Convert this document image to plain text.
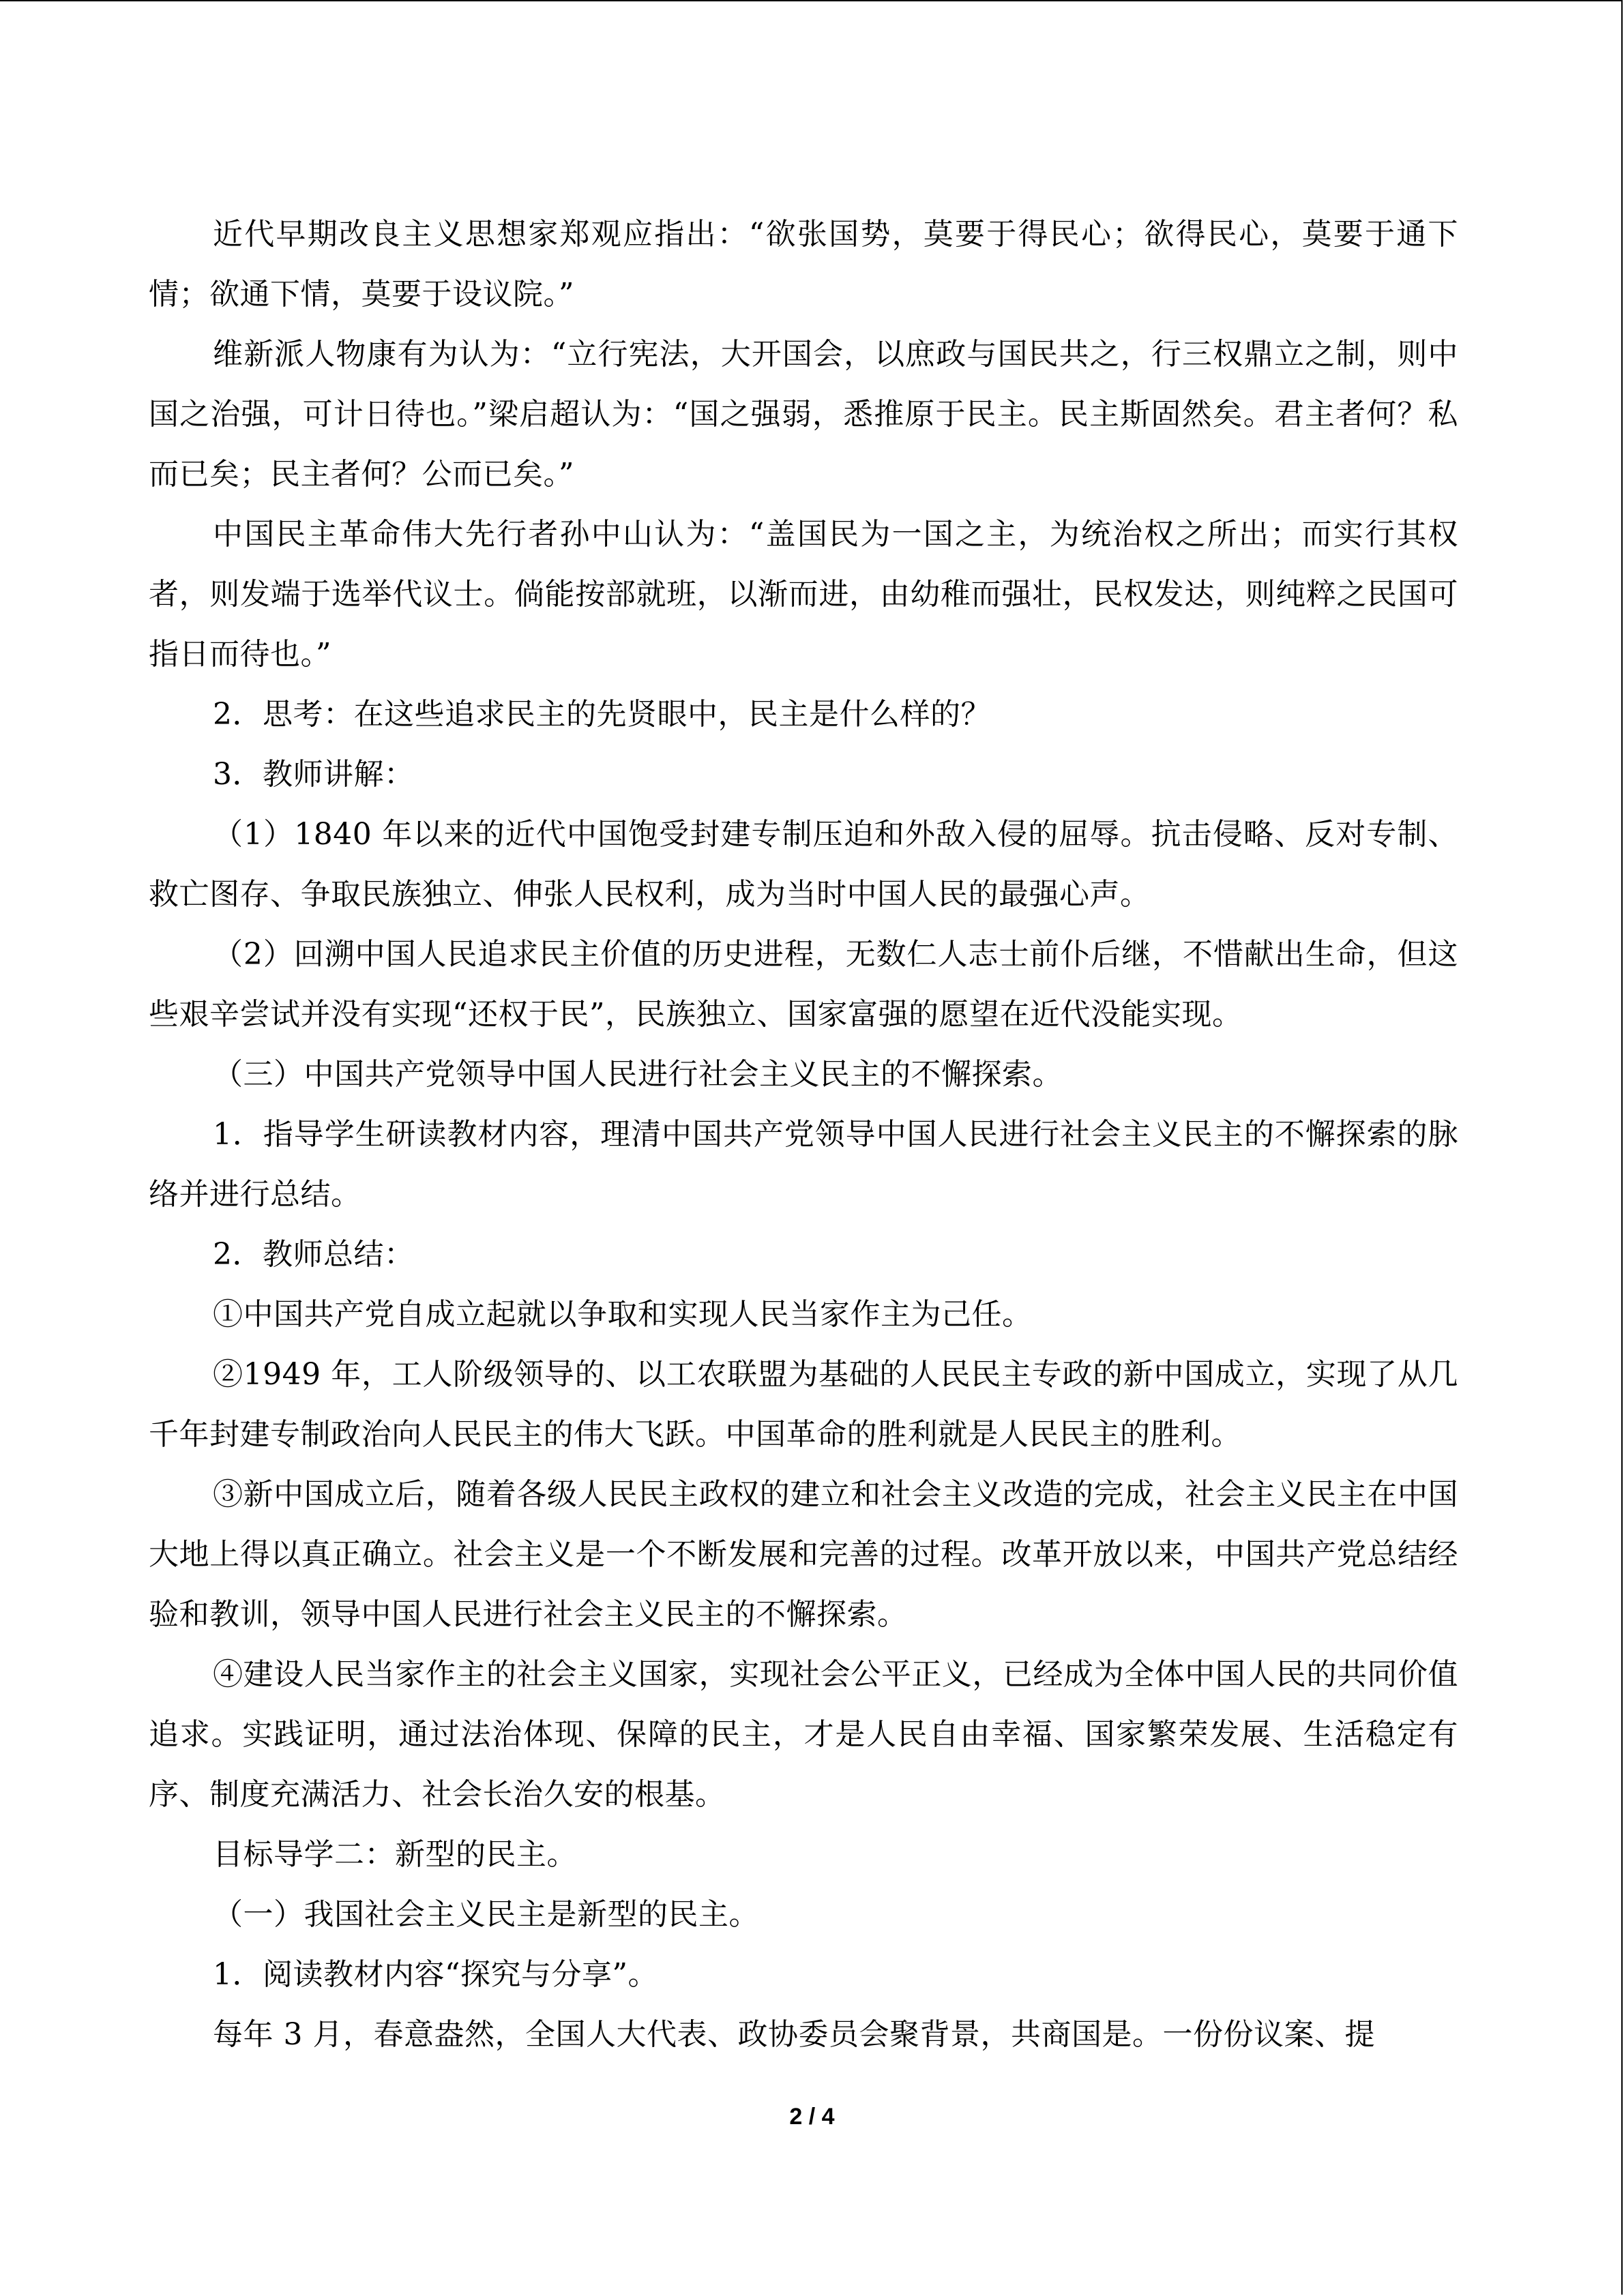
近代早期改良主义思想家郑观应指出：“欲张国势，莫要于得民心；欲得民心，莫要于通下情；欲通下情，莫要于设议院。”

维新派人物康有为认为：“立行宪法，大开国会，以庶政与国民共之，行三权鼎立之制，则中国之治强，可计日待也。”梁启超认为：“国之强弱，悉推原于民主。民主斯固然矣。君主者何？私而已矣；民主者何？公而已矣。”

中国民主革命伟大先行者孙中山认为：“盖国民为一国之主，为统治权之所出；而实行其权者，则发端于选举代议士。倘能按部就班，以渐而进，由幼稚而强壮，民权发达，则纯粹之民国可指日而待也。”

2．思考：在这些追求民主的先贤眼中，民主是什么样的？

3．教师讲解：

（1）1840 年以来的近代中国饱受封建专制压迫和外敌入侵的屈辱。抗击侵略、反对专制、救亡图存、争取民族独立、伸张人民权利，成为当时中国人民的最强心声。

（2）回溯中国人民追求民主价值的历史进程，无数仁人志士前仆后继，不惜献出生命，但这些艰辛尝试并没有实现“还权于民”，民族独立、国家富强的愿望在近代没能实现。

（三）中国共产党领导中国人民进行社会主义民主的不懈探索。

1．指导学生研读教材内容，理清中国共产党领导中国人民进行社会主义民主的不懈探索的脉络并进行总结。

2．教师总结：

①中国共产党自成立起就以争取和实现人民当家作主为己任。

②1949 年，工人阶级领导的、以工农联盟为基础的人民民主专政的新中国成立，实现了从几千年封建专制政治向人民民主的伟大飞跃。中国革命的胜利就是人民民主的胜利。

③新中国成立后，随着各级人民民主政权的建立和社会主义改造的完成，社会主义民主在中国大地上得以真正确立。社会主义是一个不断发展和完善的过程。改革开放以来，中国共产党总结经验和教训，领导中国人民进行社会主义民主的不懈探索。

④建设人民当家作主的社会主义国家，实现社会公平正义，已经成为全体中国人民的共同价值追求。实践证明，通过法治体现、保障的民主，才是人民自由幸福、国家繁荣发展、生活稳定有序、制度充满活力、社会长治久安的根基。

目标导学二：新型的民主。

（一）我国社会主义民主是新型的民主。

1．阅读教材内容“探究与分享”。

每年 3 月，春意盎然，全国人大代表、政协委员会聚背景，共商国是。一份份议案、提

2 / 4
